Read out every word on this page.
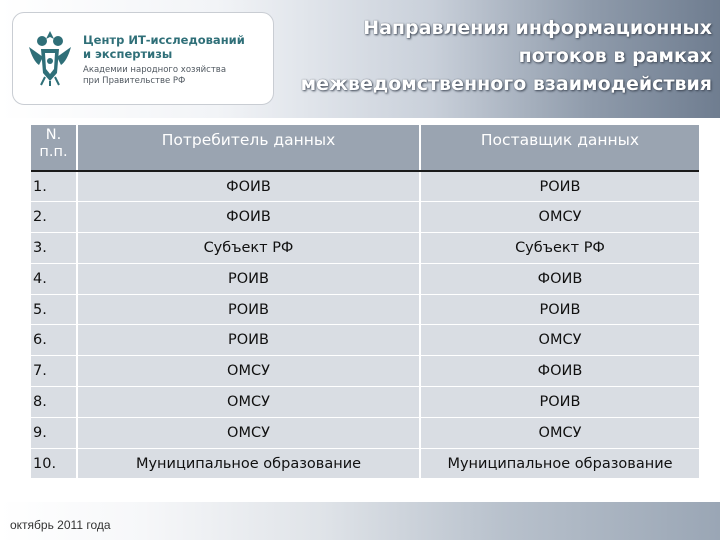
Центр ИТ-исследований
и экспертизы
Академии народного хозяйства
при Правительстве РФ
Направления информационных
потоков в рамках
межведомственного взаимодействия
N.
п.п.	Потребитель данных	Поставщик данных
1.	ФОИВ	РОИВ
2.	ФОИВ	ОМСУ
3.	Субъект РФ	Субъект РФ
4.	РОИВ	ФОИВ
5.	РОИВ	РОИВ
6.	РОИВ	ОМСУ
7.	ОМСУ	ФОИВ
8.	ОМСУ	РОИВ
9.	ОМСУ	ОМСУ
10.	Муниципальное образование	Муниципальное образование
октябрь 2011 года
